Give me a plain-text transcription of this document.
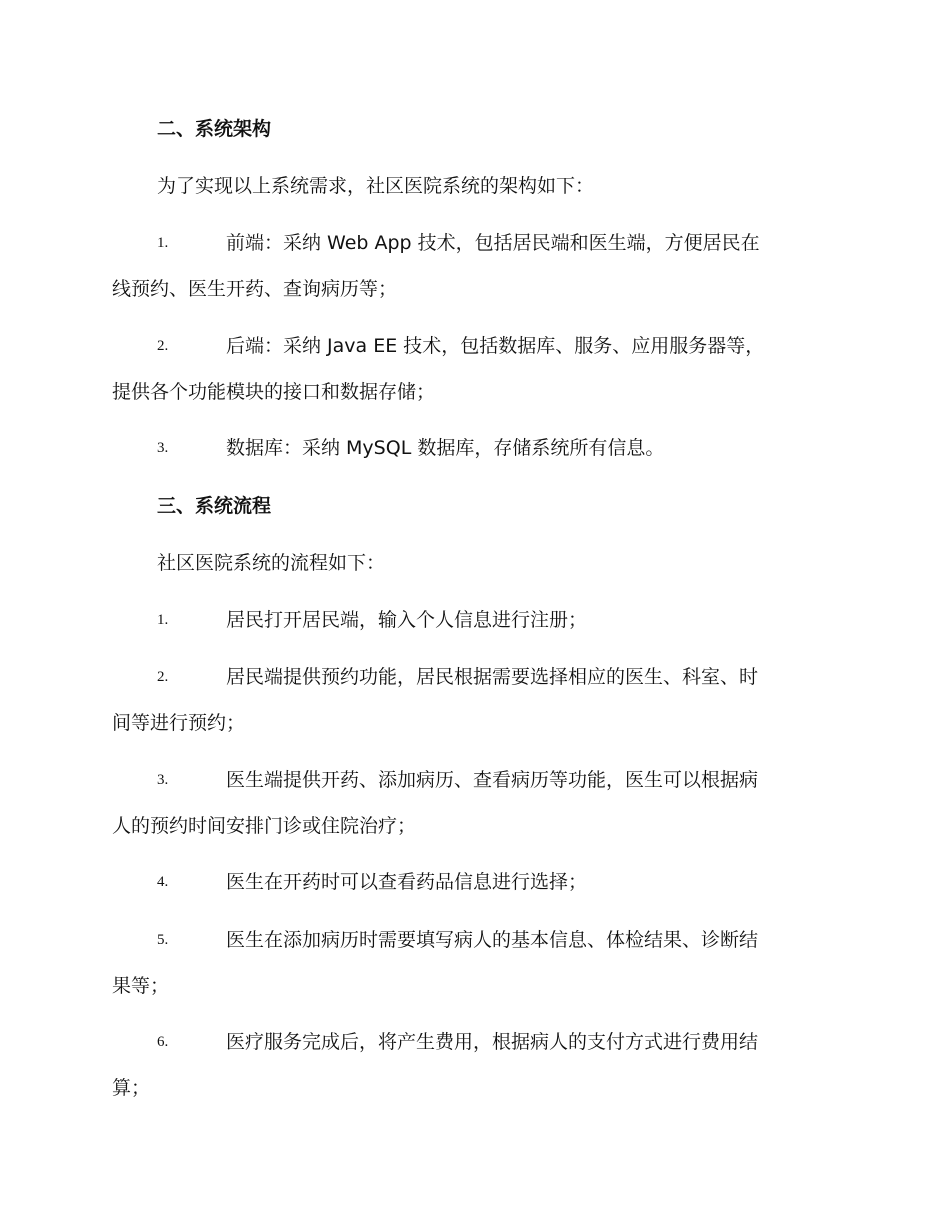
二、系统架构
为了实现以上系统需求，社区医院系统的架构如下：
1.	前端：采纳 Web App 技术，包括居民端和医生端，方便居民在
线预约、医生开药、查询病历等；
2.	后端：采纳 Java EE 技术，包括数据库、服务、应用服务器等，
提供各个功能模块的接口和数据存储；
3.	数据库：采纳 MySQL 数据库，存储系统所有信息。
三、系统流程
社区医院系统的流程如下：
1.	居民打开居民端，输入个人信息进行注册；
2.	居民端提供预约功能，居民根据需要选择相应的医生、科室、时
间等进行预约；
3.	医生端提供开药、添加病历、查看病历等功能，医生可以根据病
人的预约时间安排门诊或住院治疗；
4.	医生在开药时可以查看药品信息进行选择；
5.	医生在添加病历时需要填写病人的基本信息、体检结果、诊断结
果等；
6.	医疗服务完成后，将产生费用，根据病人的支付方式进行费用结
算；
